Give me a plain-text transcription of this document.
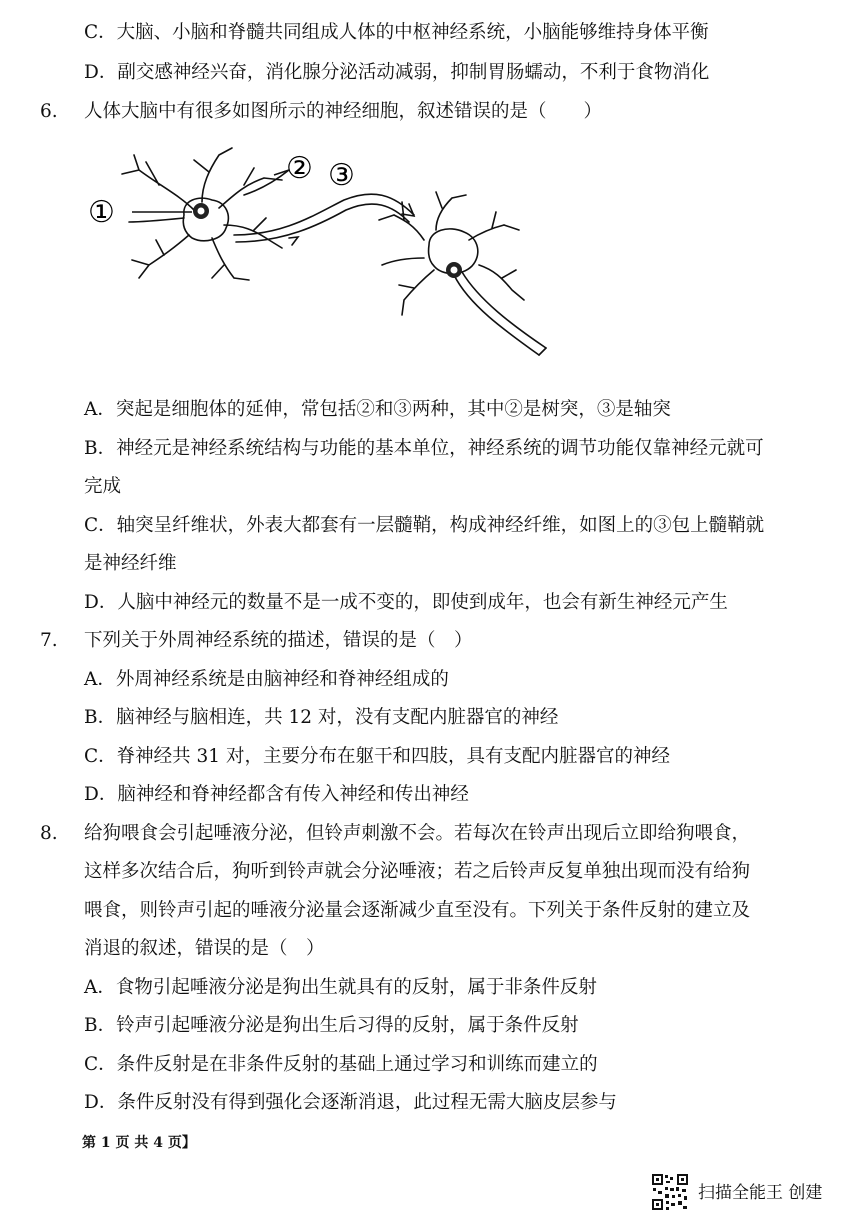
C．大脑、小脑和脊髓共同组成人体的中枢神经系统，小脑能够维持身体平衡
D．副交感神经兴奋，消化腺分泌活动减弱，抑制胃肠蠕动，不利于食物消化
6. 人体大脑中有很多如图所示的神经细胞，叙述错误的是（　　）
①
② ③
A．突起是细胞体的延伸，常包括②和③两种，其中②是树突，③是轴突
B．神经元是神经系统结构与功能的基本单位，神经系统的调节功能仅靠神经元就可
完成
C．轴突呈纤维状，外表大都套有一层髓鞘，构成神经纤维，如图上的③包上髓鞘就
是神经纤维
D．人脑中神经元的数量不是一成不变的，即使到成年，也会有新生神经元产生
7. 下列关于外周神经系统的描述，错误的是（　）
A．外周神经系统是由脑神经和脊神经组成的
B．脑神经与脑相连，共 12 对，没有支配内脏器官的神经
C．脊神经共 31 对，主要分布在躯干和四肢，具有支配内脏器官的神经
D．脑神经和脊神经都含有传入神经和传出神经
8. 给狗喂食会引起唾液分泌，但铃声刺激不会。若每次在铃声出现后立即给狗喂食，
这样多次结合后，狗听到铃声就会分泌唾液；若之后铃声反复单独出现而没有给狗
喂食，则铃声引起的唾液分泌量会逐渐减少直至没有。下列关于条件反射的建立及
消退的叙述，错误的是（　）
A．食物引起唾液分泌是狗出生就具有的反射，属于非条件反射
B．铃声引起唾液分泌是狗出生后习得的反射，属于条件反射
C．条件反射是在非条件反射的基础上通过学习和训练而建立的
D．条件反射没有得到强化会逐渐消退，此过程无需大脑皮层参与
第 1 页 共 4 页】
扫描全能王 创建
